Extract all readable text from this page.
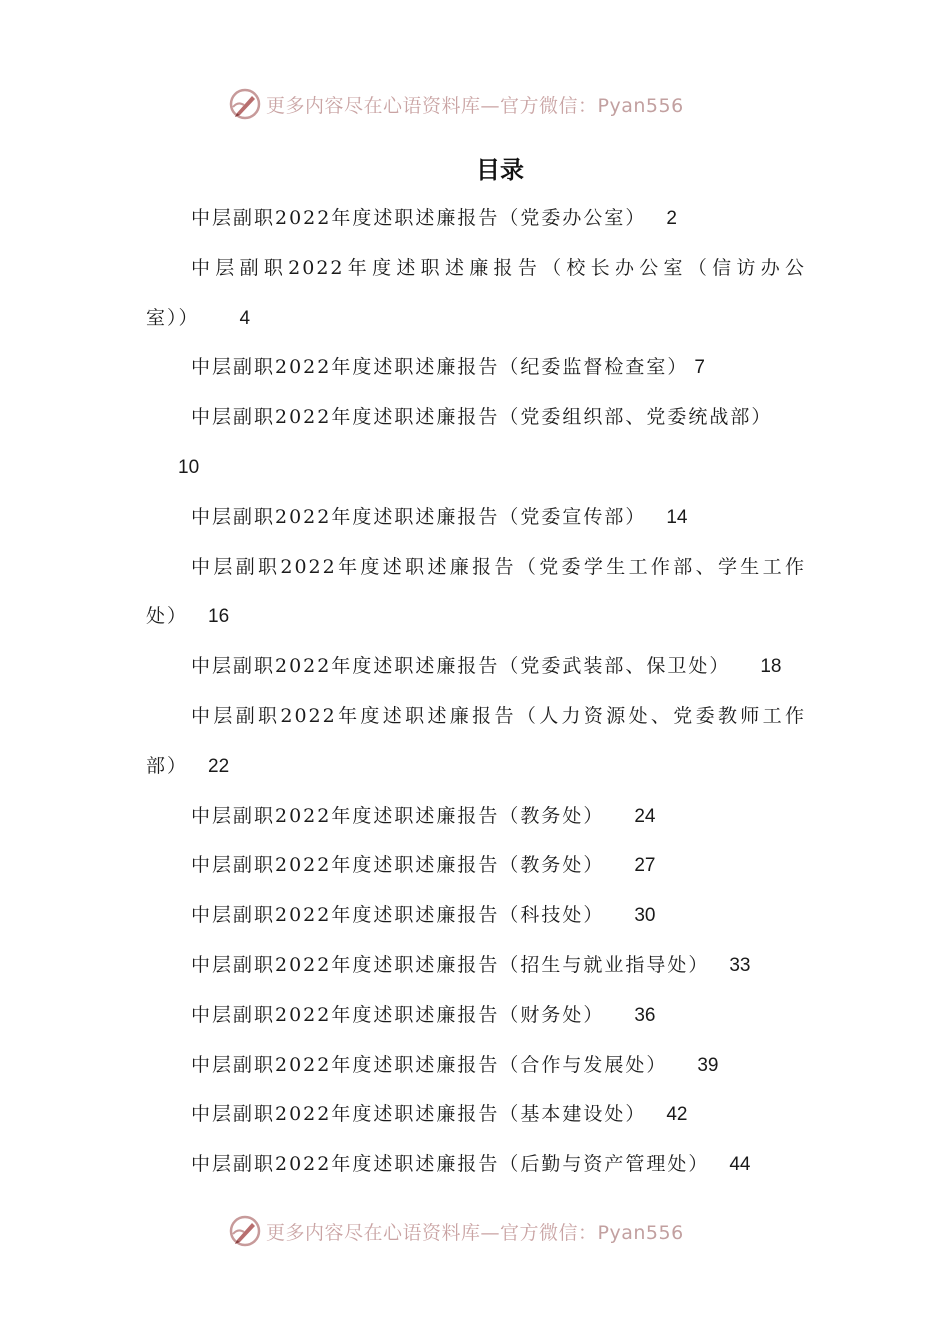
更多内容尽在心语资料库—官方微信：Pyan556
目录
中层副职2022年度述职述廉报告（党委办公室） 2
中层副职2022年度述职述廉报告（校长办公室（信访办公
室）） 4
中层副职2022年度述职述廉报告（纪委监督检查室） 7
中层副职2022年度述职述廉报告（党委组织部、党委统战部）
10
中层副职2022年度述职述廉报告（党委宣传部） 14
中层副职2022年度述职述廉报告（党委学生工作部、学生工作
处） 16
中层副职2022年度述职述廉报告（党委武装部、保卫处） 18
中层副职2022年度述职述廉报告（人力资源处、党委教师工作
部） 22
中层副职2022年度述职述廉报告（教务处） 24
中层副职2022年度述职述廉报告（教务处） 27
中层副职2022年度述职述廉报告（科技处） 30
中层副职2022年度述职述廉报告（招生与就业指导处） 33
中层副职2022年度述职述廉报告（财务处） 36
中层副职2022年度述职述廉报告（合作与发展处） 39
中层副职2022年度述职述廉报告（基本建设处） 42
中层副职2022年度述职述廉报告（后勤与资产管理处） 44
更多内容尽在心语资料库—官方微信：Pyan556
